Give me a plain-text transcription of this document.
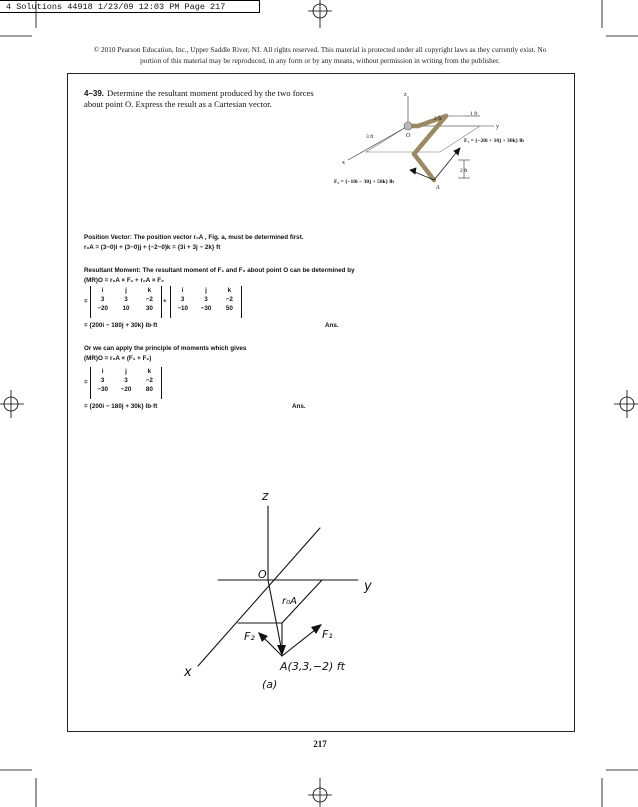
4 Solutions 44918 1/23/09 12:03 PM Page 217
© 2010 Pearson Education, Inc., Upper Saddle River, NJ. All rights reserved. This material is protected under all copyright laws as they currently exist. No portion of this material may be reproduced, in any form or by any means, without permission in writing from the publisher.
4–39. Determine the resultant moment produced by the two forces about point O. Express the result as a Cartesian vector.
z
x
y
O
A
2 ft
1 ft
3 ft
2 ft
F₁ = {−20i + 10j + 30k} lb
F₂ = {−10i − 30j + 50k} lb
Position Vector: The position vector r₀A , Fig. a, must be determined first.
r₀A = (3−0)i + (3−0)j + (−2−0)k = {3i + 3j − 2k} ft
Resultant Moment: The resultant moment of F₁ and F₂ about point O can be determined by
(MR)O = r₀A × F₁ + r₀A × F₂
=
i	j	k
3	3	−2
−20	10	30
+
i	j	k
3	3	−2
−10	−30	50
= {200i − 180j + 30k} lb·ft	Ans.
Or we can apply the principle of moments which gives
(MR)O = r₀A × (F₁ + F₂)
=
i	j	k
3	3	−2
−30	−20	80
= {200i − 180j + 30k} lb·ft	Ans.
z
y
x
O
r₀A
F₁
F₂
A(3,3,−2) ft
(a)
217
